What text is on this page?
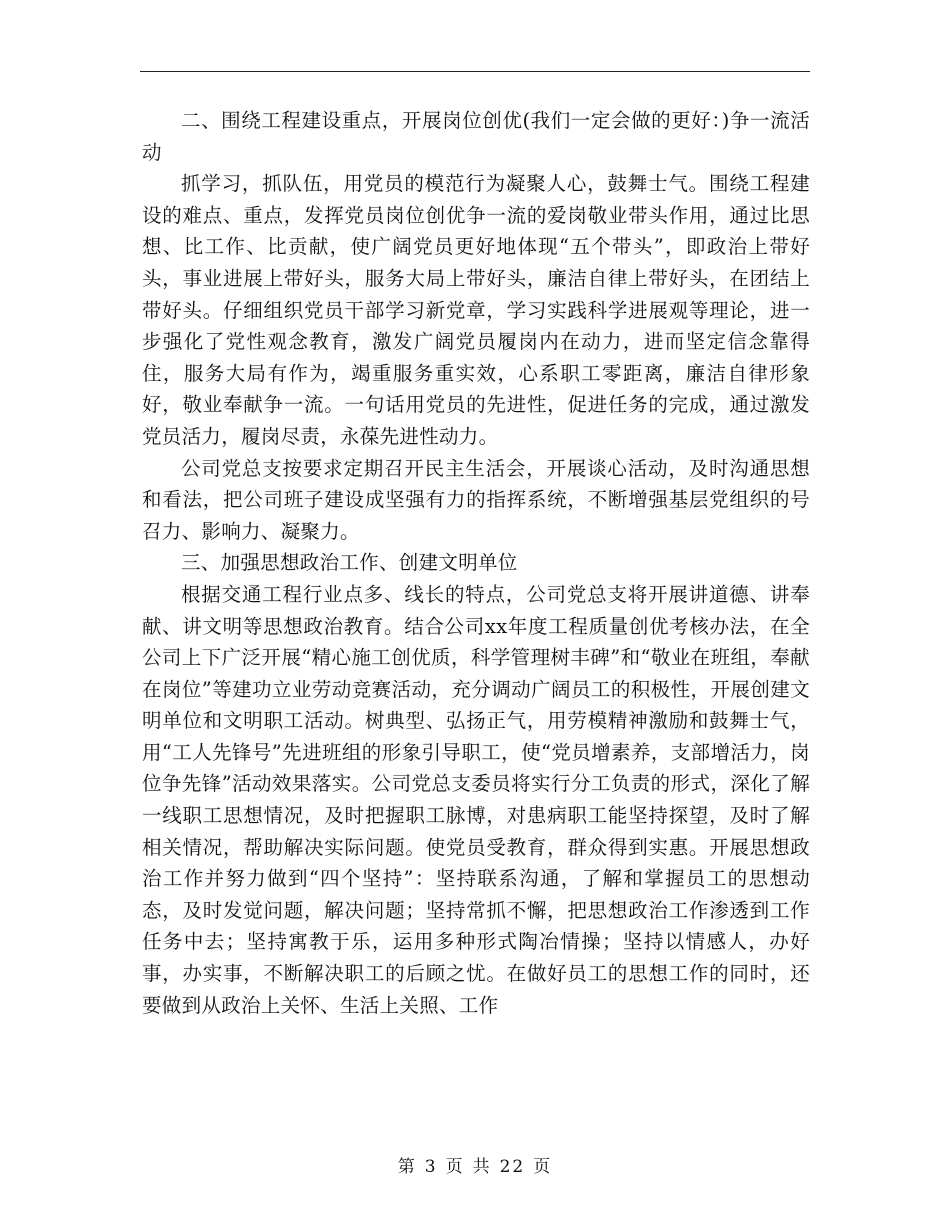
二、围绕工程建设重点，开展岗位创优(我们一定会做的更好：)争一流活动

抓学习，抓队伍，用党员的模范行为凝聚人心，鼓舞士气。围绕工程建设的难点、重点，发挥党员岗位创优争一流的爱岗敬业带头作用，通过比思想、比工作、比贡献，使广阔党员更好地体现“五个带头”，即政治上带好头，事业进展上带好头，服务大局上带好头，廉洁自律上带好头，在团结上带好头。仔细组织党员干部学习新党章，学习实践科学进展观等理论，进一步强化了党性观念教育，激发广阔党员履岗内在动力，进而坚定信念靠得住，服务大局有作为，竭重服务重实效，心系职工零距离，廉洁自律形象好，敬业奉献争一流。一句话用党员的先进性，促进任务的完成，通过激发党员活力，履岗尽责，永葆先进性动力。

公司党总支按要求定期召开民主生活会，开展谈心活动，及时沟通思想和看法，把公司班子建设成坚强有力的指挥系统，不断增强基层党组织的号召力、影响力、凝聚力。

三、加强思想政治工作、创建文明单位

根据交通工程行业点多、线长的特点，公司党总支将开展讲道德、讲奉献、讲文明等思想政治教育。结合公司xx年度工程质量创优考核办法，在全公司上下广泛开展“精心施工创优质，科学管理树丰碑”和“敬业在班组，奉献在岗位”等建功立业劳动竞赛活动，充分调动广阔员工的积极性，开展创建文明单位和文明职工活动。树典型、弘扬正气，用劳模精神激励和鼓舞士气，用“工人先锋号”先进班组的形象引导职工，使“党员增素养，支部增活力，岗位争先锋”活动效果落实。公司党总支委员将实行分工负责的形式，深化了解一线职工思想情况，及时把握职工脉博，对患病职工能坚持探望，及时了解相关情况，帮助解决实际问题。使党员受教育，群众得到实惠。开展思想政治工作并努力做到“四个坚持”：坚持联系沟通，了解和掌握员工的思想动态，及时发觉问题，解决问题；坚持常抓不懈，把思想政治工作渗透到工作任务中去；坚持寓教于乐，运用多种形式陶冶情操；坚持以情感人，办好事，办实事，不断解决职工的后顾之忧。在做好员工的思想工作的同时，还要做到从政治上关怀、生活上关照、工作

第 3 页 共 22 页
